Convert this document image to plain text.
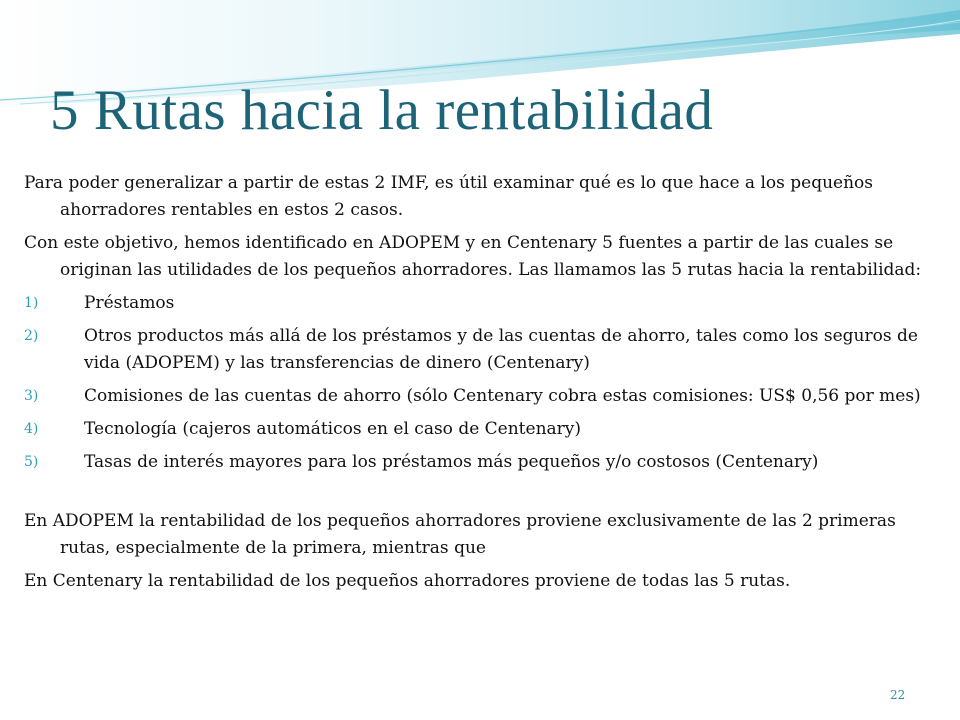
5 Rutas hacia la rentabilidad

Para poder generalizar a partir de estas 2 IMF, es útil examinar qué es lo que hace a los pequeños ahorradores rentables en estos 2 casos.

Con este objetivo, hemos identificado en ADOPEM y en Centenary 5 fuentes a partir de las cuales se originan las utilidades de los pequeños ahorradores. Las llamamos las 5 rutas hacia la rentabilidad:

1)	Préstamos
2)	Otros productos más allá de los préstamos y de las cuentas de ahorro, tales como los seguros de vida (ADOPEM) y las transferencias de dinero (Centenary)
3)	Comisiones de las cuentas de ahorro (sólo Centenary cobra estas comisiones: US$ 0,56 por mes)
4)	Tecnología (cajeros automáticos en el caso de Centenary)
5)	Tasas de interés mayores para los préstamos más pequeños y/o costosos (Centenary)

En ADOPEM la rentabilidad de los pequeños ahorradores proviene exclusivamente de las 2 primeras rutas, especialmente de la primera, mientras que

En Centenary la rentabilidad de los pequeños ahorradores proviene de todas las 5 rutas.

22
